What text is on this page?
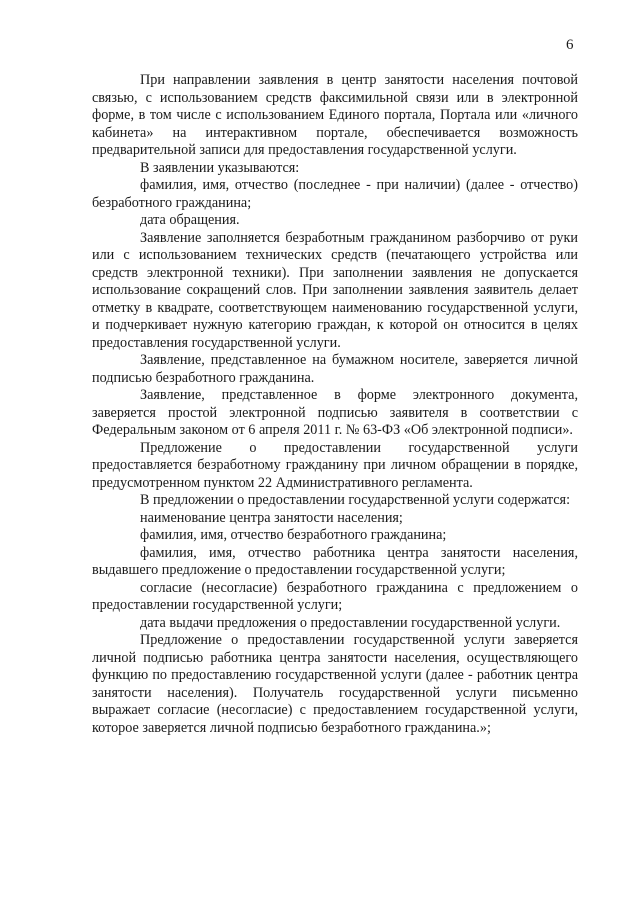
6

При направлении заявления в центр занятости населения почтовой связью, с использованием средств факсимильной связи или в электронной форме, в том числе с использованием Единого портала, Портала или «личного кабинета» на интерактивном портале, обеспечивается возможность предварительной записи для предоставления государственной услуги.

В заявлении указываются:

фамилия, имя, отчество (последнее - при наличии) (далее - отчество) безработного гражданина;

дата обращения.

Заявление заполняется безработным гражданином разборчиво от руки или с использованием технических средств (печатающего устройства или средств электронной техники). При заполнении заявления не допускается использование сокращений слов. При заполнении заявления заявитель делает отметку в квадрате, соответствующем наименованию государственной услуги, и подчеркивает нужную категорию граждан, к которой он относится в целях предоставления государственной услуги.

Заявление, представленное на бумажном носителе, заверяется личной подписью безработного гражданина.

Заявление, представленное в форме электронного документа, заверяется простой электронной подписью заявителя в соответствии с Федеральным законом от 6 апреля 2011 г. № 63-ФЗ «Об электронной подписи».

Предложение о предоставлении государственной услуги предоставляется безработному гражданину при личном обращении в порядке, предусмотренном пунктом 22 Административного регламента.

В предложении о предоставлении государственной услуги содержатся:

наименование центра занятости населения;

фамилия, имя, отчество безработного гражданина;

фамилия, имя, отчество работника центра занятости населения, выдавшего предложение о предоставлении государственной услуги;

согласие (несогласие) безработного гражданина с предложением о предоставлении государственной услуги;

дата выдачи предложения о предоставлении государственной услуги.

Предложение о предоставлении государственной услуги заверяется личной подписью работника центра занятости населения, осуществляющего функцию по предоставлению государственной услуги (далее - работник центра занятости населения). Получатель государственной услуги письменно выражает согласие (несогласие) с предоставлением государственной услуги, которое заверяется личной подписью безработного гражданина.»;
